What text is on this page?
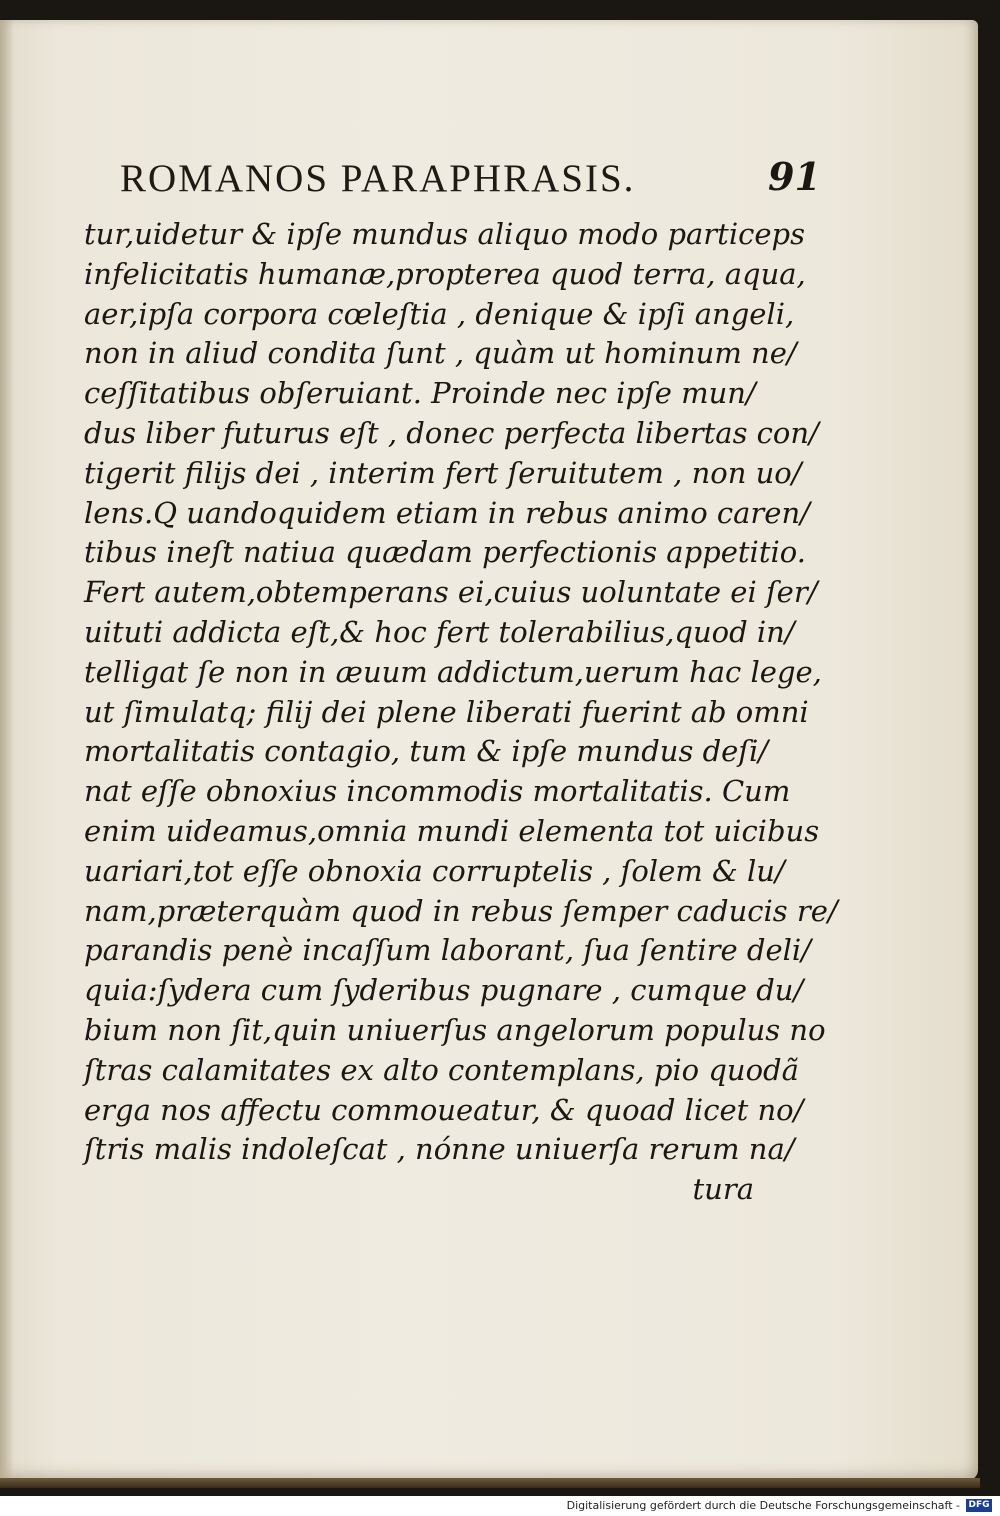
ROMANOS PARAPHRASIS.	91
tur,uidetur & ipſe mundus aliquo modo particeps
infelicitatis humanæ,propterea quod terra, aqua,
aer,ipſa corpora cœleſtia , denique & ipſi angeli,
non in aliud condita ſunt , quàm ut hominum ne/
ceſſitatibus obſeruiant. Proinde nec ipſe mun/
dus liber futurus eſt , donec perfecta libertas con/
tigerit filijs dei , interim fert ſeruitutem , non uo/
lens.Q uandoquidem etiam in rebus animo caren/
tibus ineſt natiua quædam perfectionis appetitio.
Fert autem,obtemperans ei,cuius uoluntate ei ſer/
uituti addicta eſt,& hoc fert tolerabilius,quod in/
telligat ſe non in æuum addictum,uerum hac lege,
ut ſimulatq; filij dei plene liberati fuerint ab omni
mortalitatis contagio, tum & ipſe mundus deſi/
nat eſſe obnoxius incommodis mortalitatis. Cum
enim uideamus,omnia mundi elementa tot uicibus
uariari,tot eſſe obnoxia corruptelis , ſolem & lu/
nam,præterquàm quod in rebus ſemper caducis re/
parandis penè incaſſum laborant, ſua ſentire deli/
quia:ſydera cum ſyderibus pugnare , cumque du/
bium non ſit,quin uniuerſus angelorum populus no
ſtras calamitates ex alto contemplans, pio quodã
erga nos affectu commoueatur, & quoad licet no/
ſtris malis indoleſcat , nónne uniuerſa rerum na/
tura
Digitalisierung gefördert durch die Deutsche Forschungsgemeinschaft - DFG
